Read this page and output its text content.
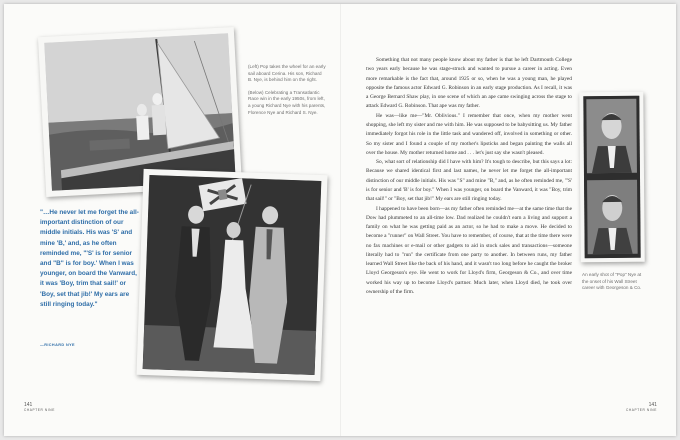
(Left) Pop takes the wheel for an early sail aboard Cerina. His son, Richard B. Nye, is behind him on the right.

(Below) Celebrating a Transatlantic Race win in the early 1950s, from left, a young Richard Nye with his parents, Florence Nye and Richard S. Nye.

"…He never let me forget the all-important distinction of our middle initials. His was 'S' and mine 'B,' and, as he often reminded me, "'S' is for senior and "B" is for boy.' When I was younger, on board the Vanward, it was 'Boy, trim that sail!' or 'Boy, set that jib!' My ears are still ringing today."

—RICHARD NYE

Something that not many people know about my father is that he left Dartmouth College two years early because he was stage-struck and wanted to pursue a career in acting. Even more remarkable is the fact that, around 1925 or so, when he was a young man, he played opposite the famous actor Edward G. Robinson in an early stage production. As I recall, it was a George Bernard Shaw play, in one scene of which an ape came swinging across the stage to attack Edward G. Robinson. That ape was my father.

He was—like me—"Mr. Oblivious." I remember that once, when my mother went shopping, she left my sister and me with him. He was supposed to be babysitting us. My father immediately forgot his role in the little task and wandered off, involved in something or other. So my sister and I found a couple of my mother's lipsticks and began painting the walls all over the house. My mother returned home and . . . let's just say she wasn't pleased.

So, what sort of relationship did I have with him? It's tough to describe, but this says a lot: Because we shared identical first and last names, he never let me forget the all-important distinction of our middle initials. His was "S" and mine "B," and, as he often reminded me, "'S' is for senior and 'B' is for boy." When I was younger, on board the Vanward, it was "Boy, trim that sail!" or "Boy, set that jib!" My ears are still ringing today.

I happened to have been born—as my father often reminded me—at the same time that the Dow had plummeted to an all-time low. Dad realized he couldn't earn a living and support a family on what he was getting paid as an actor, so he had to make a move. He decided to become a "runner" on Wall Street. You have to remember, of course, that at the time there were no fax machines or e-mail or other gadgets to aid in stock sales and transactions—someone literally had to "run" the certificate from one party to another. In between runs, my father learned Wall Street like the back of his hand, and it wasn't too long before he caught the broker Lloyd Georgeson's eye. He went to work for Lloyd's firm, Georgeson & Co., and over time worked his way up to become Lloyd's partner. Much later, when Lloyd died, he took over ownership of the firm.

An early shot of "Pop" Nye at the onset of his Wall Street career with Georgeson & Co.
141
CHAPTER NINE
141
CHAPTER NINE
